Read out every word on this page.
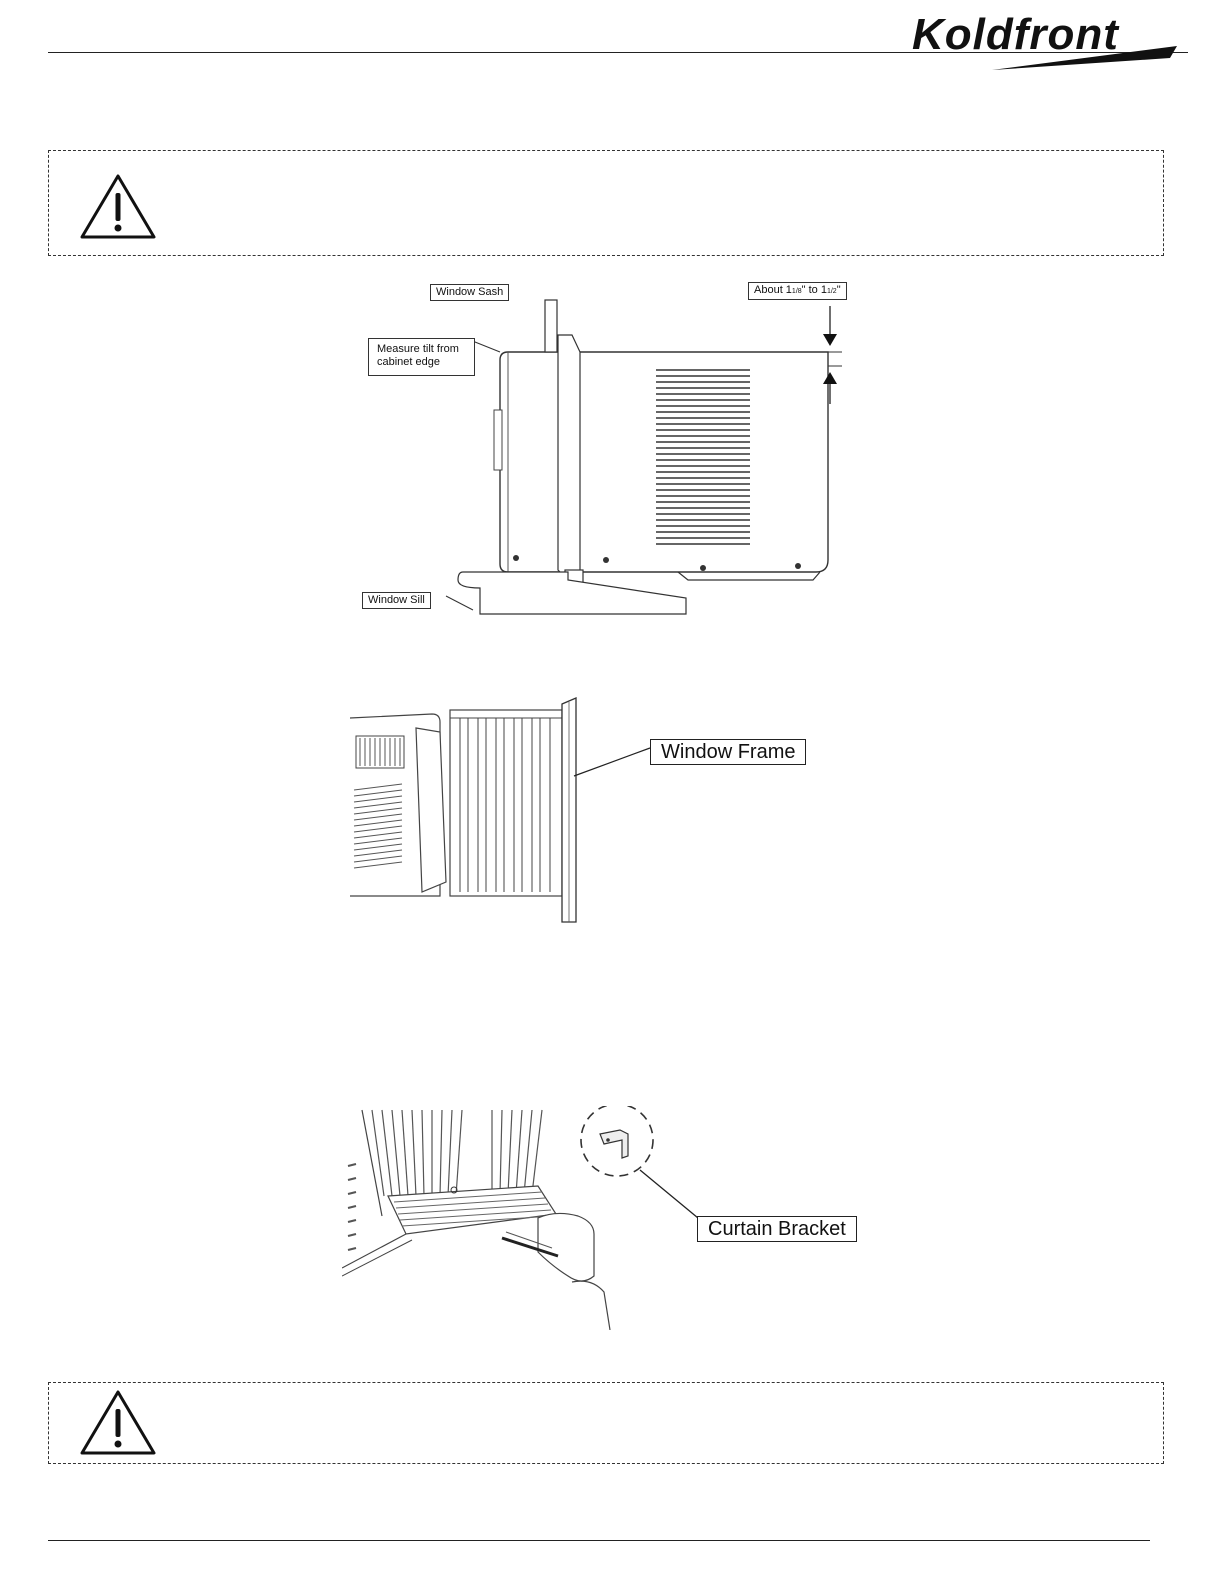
Koldfront
Window Sash
Measure tilt from
cabinet edge
About 11/8" to 11/2"
Window Sill
Window Frame
Curtain Bracket
